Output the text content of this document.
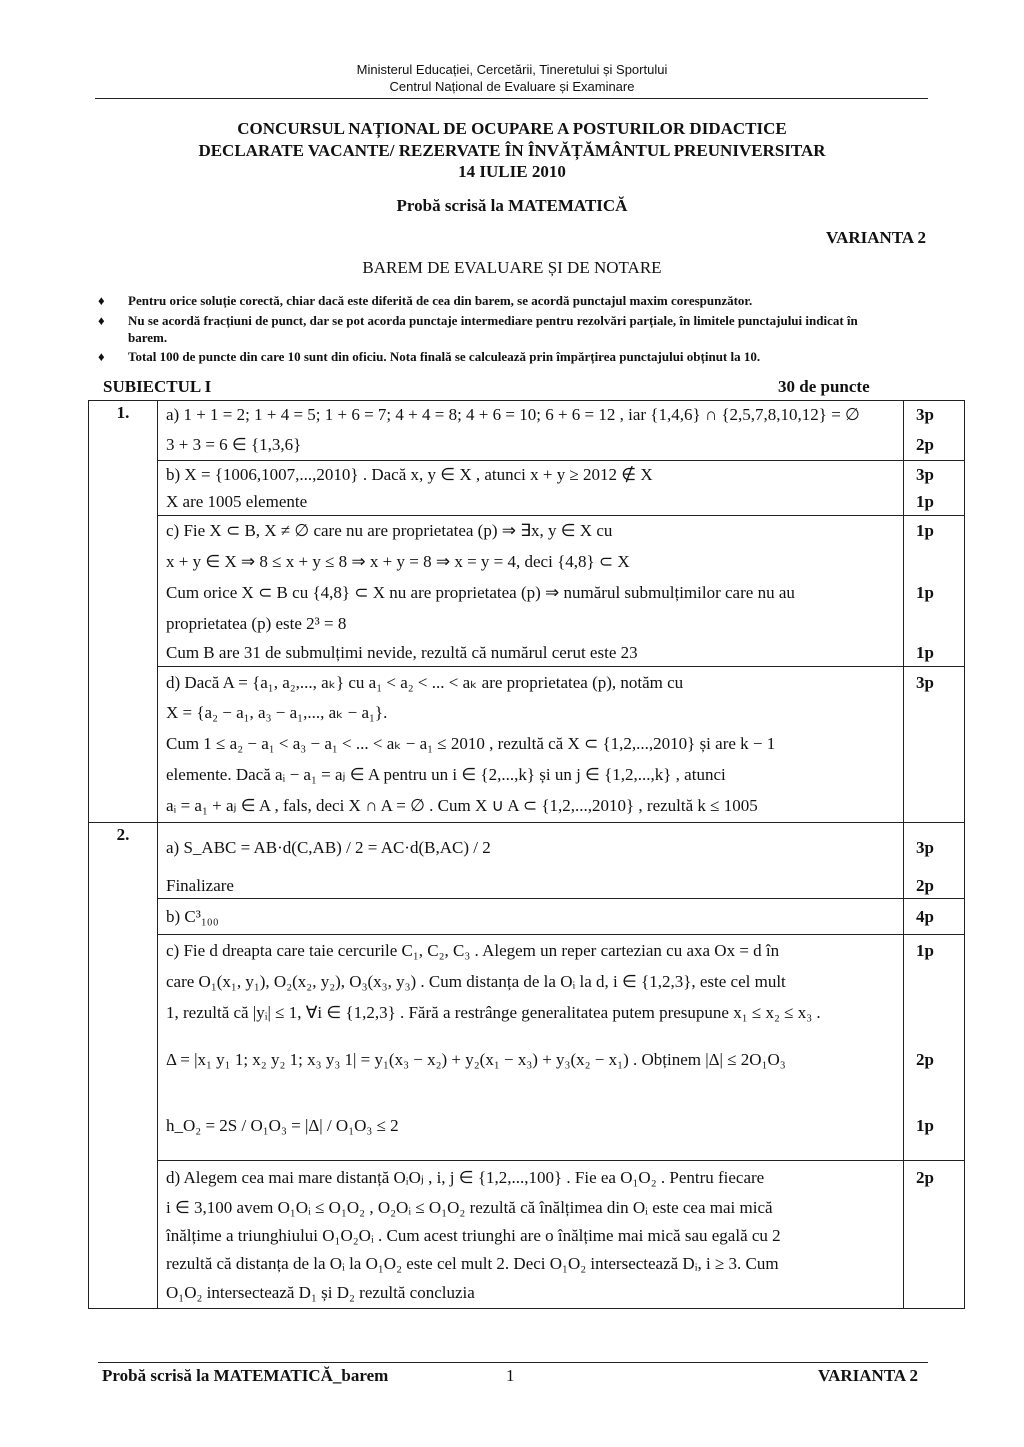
Ministerul Educației, Cercetării, Tineretului și Sportului
Centrul Național de Evaluare și Examinare
CONCURSUL NAȚIONAL DE OCUPARE A POSTURILOR DIDACTICE
DECLARATE VACANTE/ REZERVATE ÎN ÎNVĂȚĂMÂNTUL PREUNIVERSITAR
14 IULIE 2010
Probă scrisă la MATEMATICĂ
VARIANTA 2
BAREM DE EVALUARE ȘI DE NOTARE
♦	Pentru orice soluție corectă, chiar dacă este diferită de cea din barem, se acordă punctajul maxim corespunzător.
♦	Nu se acordă fracțiuni de punct, dar se pot acorda punctaje intermediare pentru rezolvări parțiale, în limitele punctajului indicat în barem.
♦	Total 100 de puncte din care 10 sunt din oficiu. Nota finală se calculează prin împărțirea punctajului obținut la 10.
SUBIECTUL I	30 de puncte
1.	a) 1 + 1 = 2; 1 + 4 = 5; 1 + 6 = 7; 4 + 4 = 8; 4 + 6 = 10; 6 + 6 = 12 , iar {1,4,6} ∩ {2,5,7,8,10,12} = ∅	3p
3 + 3 = 6 ∈ {1,3,6}	2p
b) X = {1006,1007,...,2010} . Dacă x, y ∈ X , atunci x + y ≥ 2012 ∉ X	3p
X are 1005 elemente	1p
c) Fie X ⊂ B, X ≠ ∅ care nu are proprietatea (p) ⇒ ∃x, y ∈ X cu	1p
x + y ∈ X ⇒ 8 ≤ x + y ≤ 8 ⇒ x + y = 8 ⇒ x = y = 4, deci {4,8} ⊂ X
Cum orice X ⊂ B cu {4,8} ⊂ X nu are proprietatea (p) ⇒ numărul submulțimilor care nu au	1p
proprietatea (p) este 2³ = 8
Cum B are 31 de submulțimi nevide, rezultă că numărul cerut este 23	1p
d) Dacă A = {a₁, a₂,..., aₖ} cu a₁ < a₂ < ... < aₖ are proprietatea (p), notăm cu	3p
X = {a₂ − a₁, a₃ − a₁,..., aₖ − a₁}.
Cum 1 ≤ a₂ − a₁ < a₃ − a₁ < ... < aₖ − a₁ ≤ 2010 , rezultă că X ⊂ {1,2,...,2010} și are k − 1
elemente. Dacă aᵢ − a₁ = aⱼ ∈ A pentru un i ∈ {2,...,k} și un j ∈ {1,2,...,k} , atunci
aᵢ = a₁ + aⱼ ∈ A , fals, deci X ∩ A = ∅ . Cum X ∪ A ⊂ {1,2,...,2010} , rezultă k ≤ 1005
2.
a) S_ABC = AB·d(C,AB) / 2 = AC·d(B,AC) / 2	3p
Finalizare	2p
b) C³₁₀₀	4p
c) Fie d dreapta care taie cercurile C₁, C₂, C₃ . Alegem un reper cartezian cu axa Ox = d în	1p
care O₁(x₁, y₁), O₂(x₂, y₂), O₃(x₃, y₃) . Cum distanța de la Oᵢ la d, i ∈ {1,2,3}, este cel mult
1, rezultă că |yᵢ| ≤ 1, ∀i ∈ {1,2,3} . Fără a restrânge generalitatea putem presupune x₁ ≤ x₂ ≤ x₃ .
Δ = |x₁ y₁ 1; x₂ y₂ 1; x₃ y₃ 1| = y₁(x₃ − x₂) + y₂(x₁ − x₃) + y₃(x₂ − x₁) . Obținem |Δ| ≤ 2O₁O₃	2p
h_O₂ = 2S / O₁O₃ = |Δ| / O₁O₃ ≤ 2	1p
d) Alegem cea mai mare distanță OᵢOⱼ , i, j ∈ {1,2,...,100} . Fie ea O₁O₂ . Pentru fiecare	2p
i ∈ 3,100 avem O₁Oᵢ ≤ O₁O₂ , O₂Oᵢ ≤ O₁O₂ rezultă că înălțimea din Oᵢ este cea mai mică
înălțime a triunghiului O₁O₂Oᵢ . Cum acest triunghi are o înălțime mai mică sau egală cu 2
rezultă că distanța de la Oᵢ la O₁O₂ este cel mult 2. Deci O₁O₂ intersectează Dᵢ, i ≥ 3. Cum
O₁O₂ intersectează D₁ și D₂ rezultă concluzia
Probă scrisă la MATEMATICĂ_barem	1	VARIANTA 2
